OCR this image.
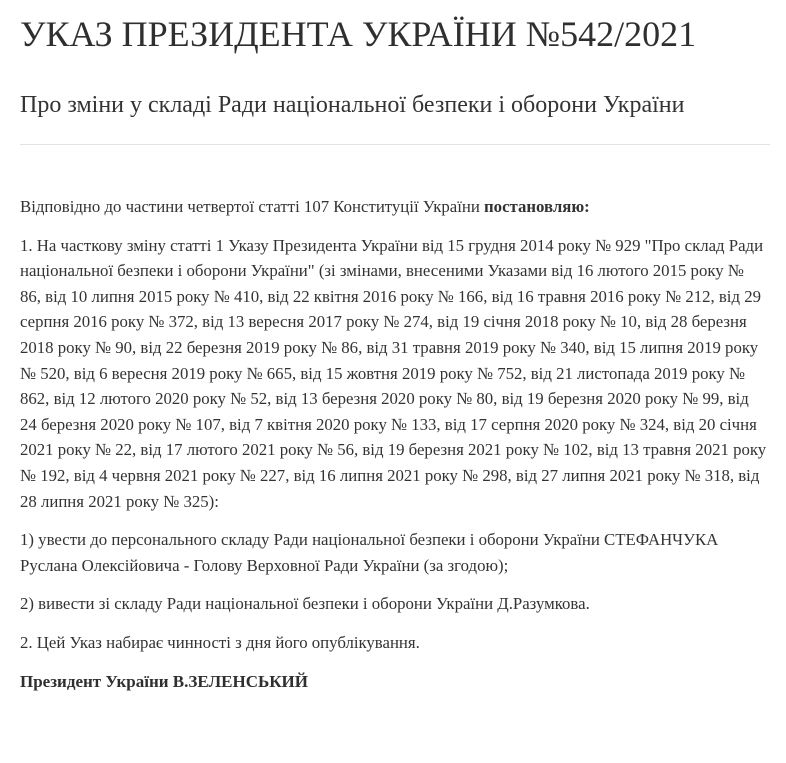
УКАЗ ПРЕЗИДЕНТА УКРАЇНИ №542/2021
Про зміни у складі Ради національної безпеки і оборони України

Відповідно до частини четвертої статті 107 Конституції України постановляю:

1. На часткову зміну статті 1 Указу Президента України від 15 грудня 2014 року № 929 "Про склад Ради національної безпеки і оборони України" (зі змінами, внесеними Указами від 16 лютого 2015 року № 86, від 10 липня 2015 року № 410, від 22 квітня 2016 року № 166, від 16 травня 2016 року № 212, від 29 серпня 2016 року № 372, від 13 вересня 2017 року № 274, від 19 січня 2018 року № 10, від 28 березня 2018 року № 90, від 22 березня 2019 року № 86, від 31 травня 2019 року № 340, від 15 липня 2019 року № 520, від 6 вересня 2019 року № 665, від 15 жовтня 2019 року № 752, від 21 листопада 2019 року № 862, від 12 лютого 2020 року № 52, від 13 березня 2020 року № 80, від 19 березня 2020 року № 99, від 24 березня 2020 року № 107, від 7 квітня 2020 року № 133, від 17 серпня 2020 року № 324, від 20 січня 2021 року № 22, від 17 лютого 2021 року № 56, від 19 березня 2021 року № 102, від 13 травня 2021 року № 192, від 4 червня 2021 року № 227, від 16 липня 2021 року № 298, від 27 липня 2021 року № 318, від 28 липня 2021 року № 325):

1) увести до персонального складу Ради національної безпеки і оборони України СТЕФАНЧУКА Руслана Олексійовича - Голову Верховної Ради України (за згодою);

2) вивести зі складу Ради національної безпеки і оборони України Д.Разумкова.

2. Цей Указ набирає чинності з дня його опублікування.

Президент України В.ЗЕЛЕНСЬКИЙ
